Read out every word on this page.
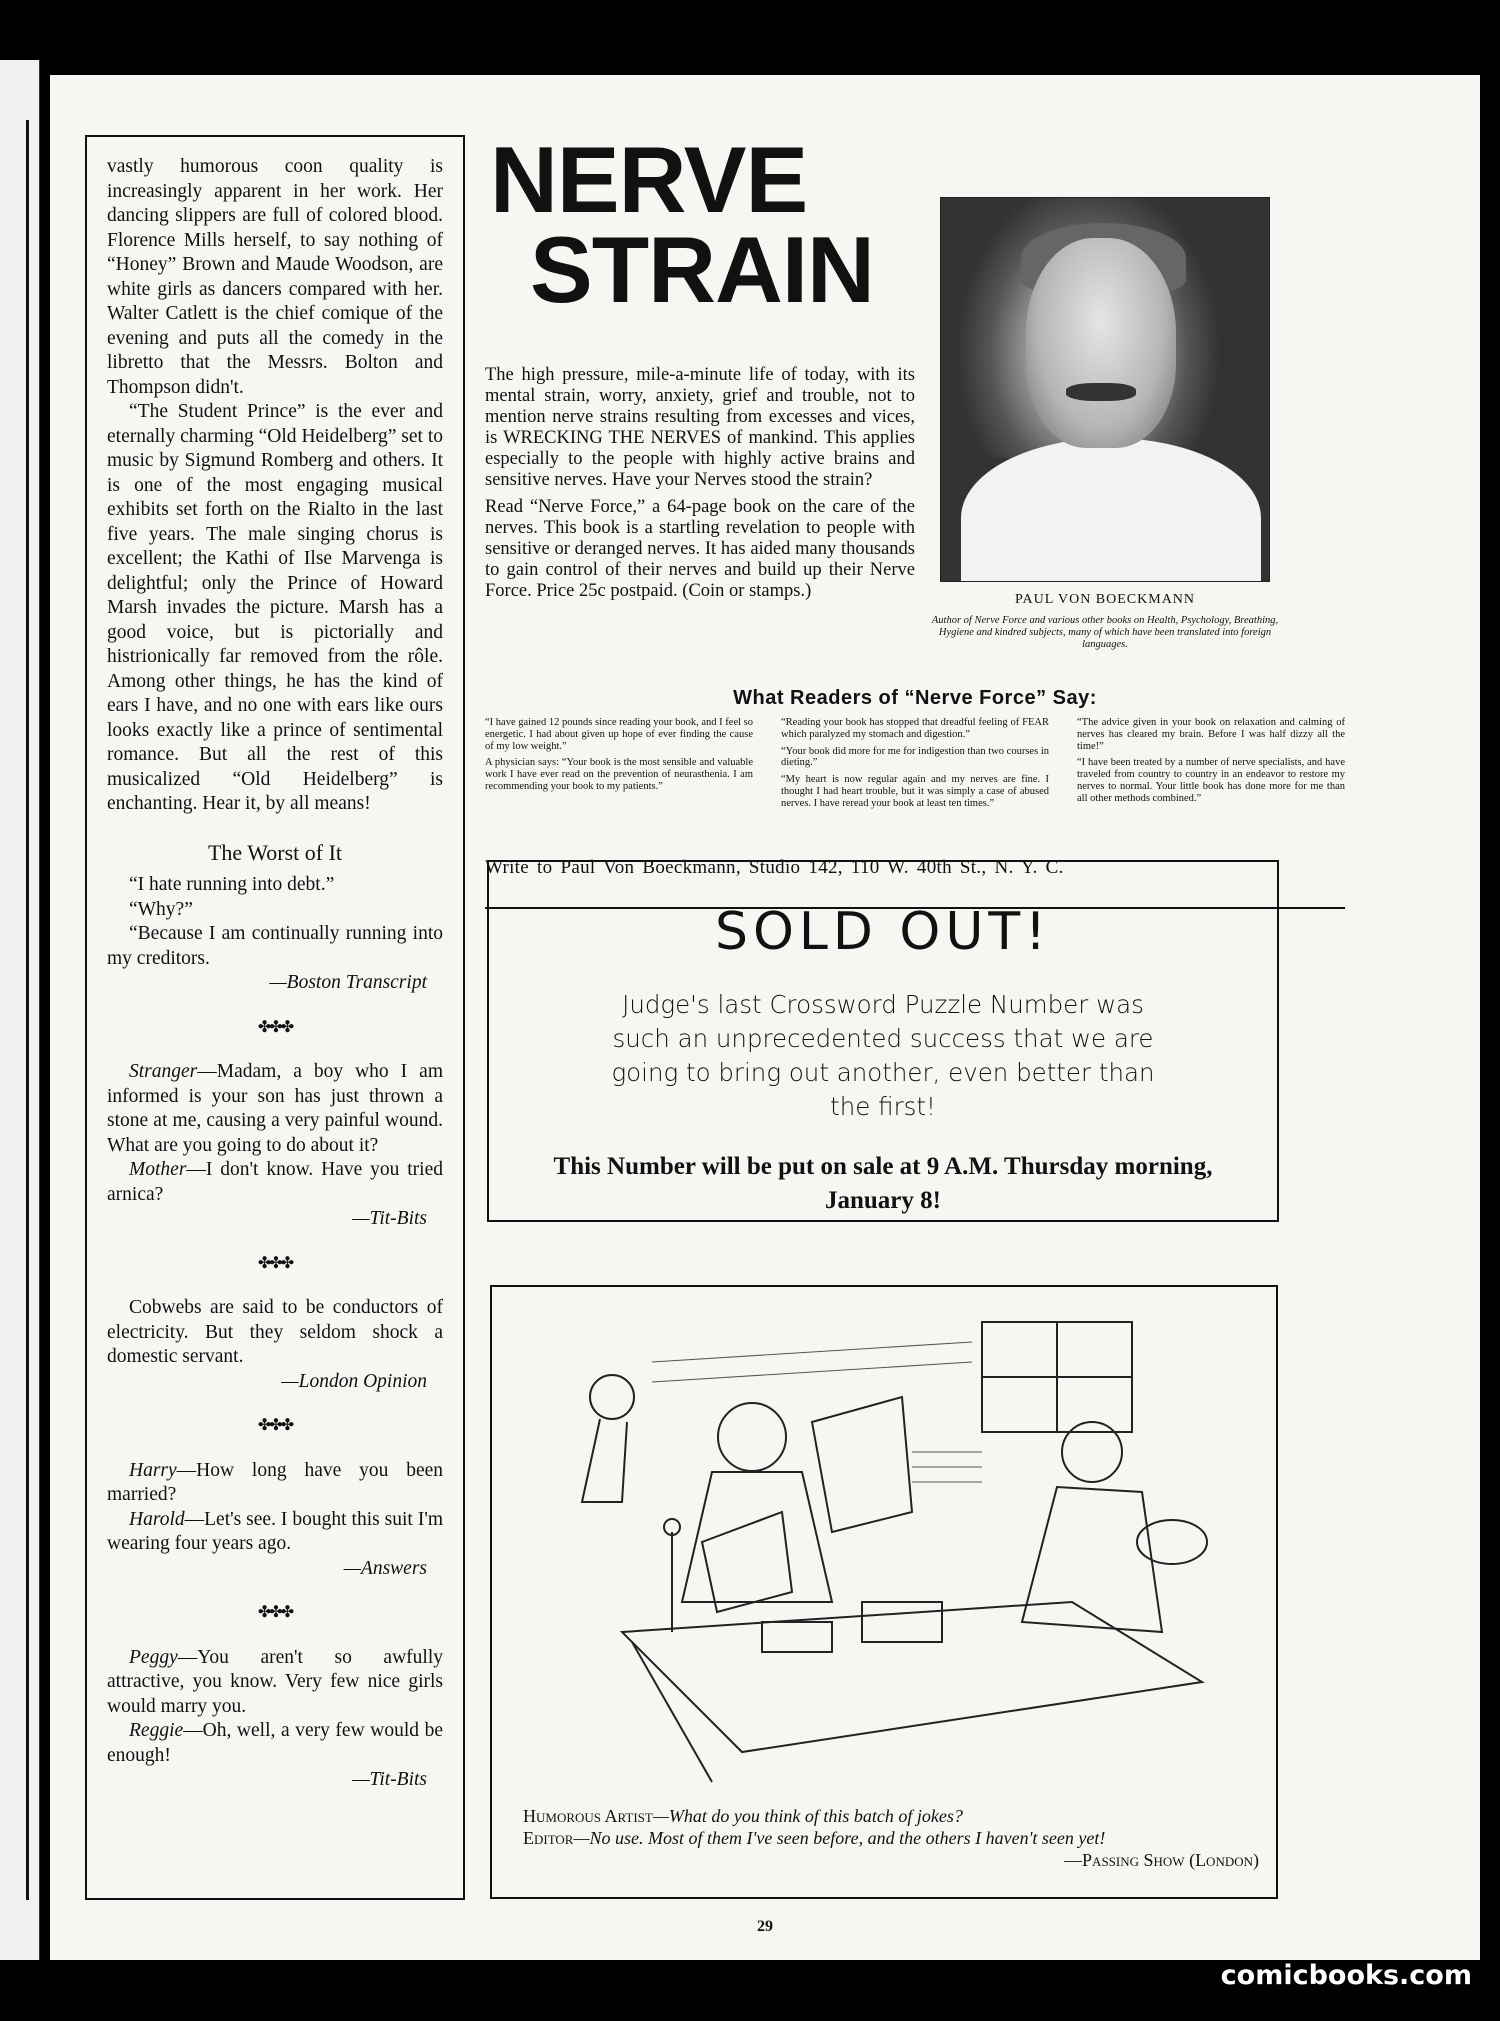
vastly humorous coon quality is increasingly apparent in her work. Her dancing slippers are full of colored blood. Florence Mills herself, to say nothing of “Honey” Brown and Maude Woodson, are white girls as dancers compared with her. Walter Catlett is the chief comique of the evening and puts all the comedy in the libretto that the Messrs. Bolton and Thompson didn't.

“The Student Prince” is the ever and eternally charming “Old Heidelberg” set to music by Sigmund Romberg and others. It is one of the most engaging musical exhibits set forth on the Rialto in the last five years. The male singing chorus is excellent; the Kathi of Ilse Marvenga is delightful; only the Prince of Howard Marsh invades the picture. Marsh has a good voice, but is pictorially and histrionically far removed from the rôle. Among other things, he has the kind of ears I have, and no one with ears like ours looks exactly like a prince of sentimental romance. But all the rest of this musicalized “Old Heidelberg” is enchanting. Hear it, by all means!

The Worst of It

“I hate running into debt.”

“Why?”

“Because I am continually running into my creditors.

—Boston Transcript
✤✤✤

Stranger—Madam, a boy who I am informed is your son has just thrown a stone at me, causing a very painful wound. What are you going to do about it?

Mother—I don't know. Have you tried arnica?

—Tit-Bits
✤✤✤

Cobwebs are said to be conductors of electricity. But they seldom shock a domestic servant.

—London Opinion
✤✤✤

Harry—How long have you been married?

Harold—Let's see. I bought this suit I'm wearing four years ago.

—Answers
✤✤✤

Peggy—You aren't so awfully attractive, you know. Very few nice girls would marry you.

Reggie—Oh, well, a very few would be enough!

—Tit-Bits
NERVE
STRAIN

The high pressure, mile-a-minute life of today, with its mental strain, worry, anxiety, grief and trouble, not to mention nerve strains resulting from excesses and vices, is WRECKING THE NERVES of mankind. This applies especially to the people with highly active brains and sensitive nerves. Have your Nerves stood the strain?

Read “Nerve Force,” a 64-page book on the care of the nerves. This book is a startling revelation to people with sensitive or deranged nerves. It has aided many thousands to gain control of their nerves and build up their Nerve Force. Price 25c postpaid. (Coin or stamps.)	PAUL VON BOECKMANN
Author of Nerve Force and various other books on Health, Psychology, Breathing, Hygiene and kindred subjects, many of which have been translated into foreign languages.
What Readers of “Nerve Force” Say:

“I have gained 12 pounds since reading your book, and I feel so energetic. I had about given up hope of ever finding the cause of my low weight.”

A physician says: “Your book is the most sensible and valuable work I have ever read on the prevention of neurasthenia. I am recommending your book to my patients.”

“Reading your book has stopped that dreadful feeling of FEAR which paralyzed my stomach and digestion.”

“Your book did more for me for indigestion than two courses in dieting.”

“My heart is now regular again and my nerves are fine. I thought I had heart trouble, but it was simply a case of abused nerves. I have reread your book at least ten times.”

“The advice given in your book on relaxation and calming of nerves has cleared my brain. Before I was half dizzy all the time!”

“I have been treated by a number of nerve specialists, and have traveled from country to country in an endeavor to restore my nerves to normal. Your little book has done more for me than all other methods combined.”

Write to Paul Von Boeckmann, Studio 142, 110 W. 40th St., N. Y. C.
SOLD OUT!
Judge's last Crossword Puzzle Number was such an unprecedented success that we are going to bring out another, even better than the first!
This Number will be put on sale at 9 A.M. Thursday morning, January 8!
Humorous Artist—What do you think of this batch of jokes?
Editor—No use. Most of them I've seen before, and the others I haven't seen yet!
—Passing Show (London)
29
comicbooks.com
